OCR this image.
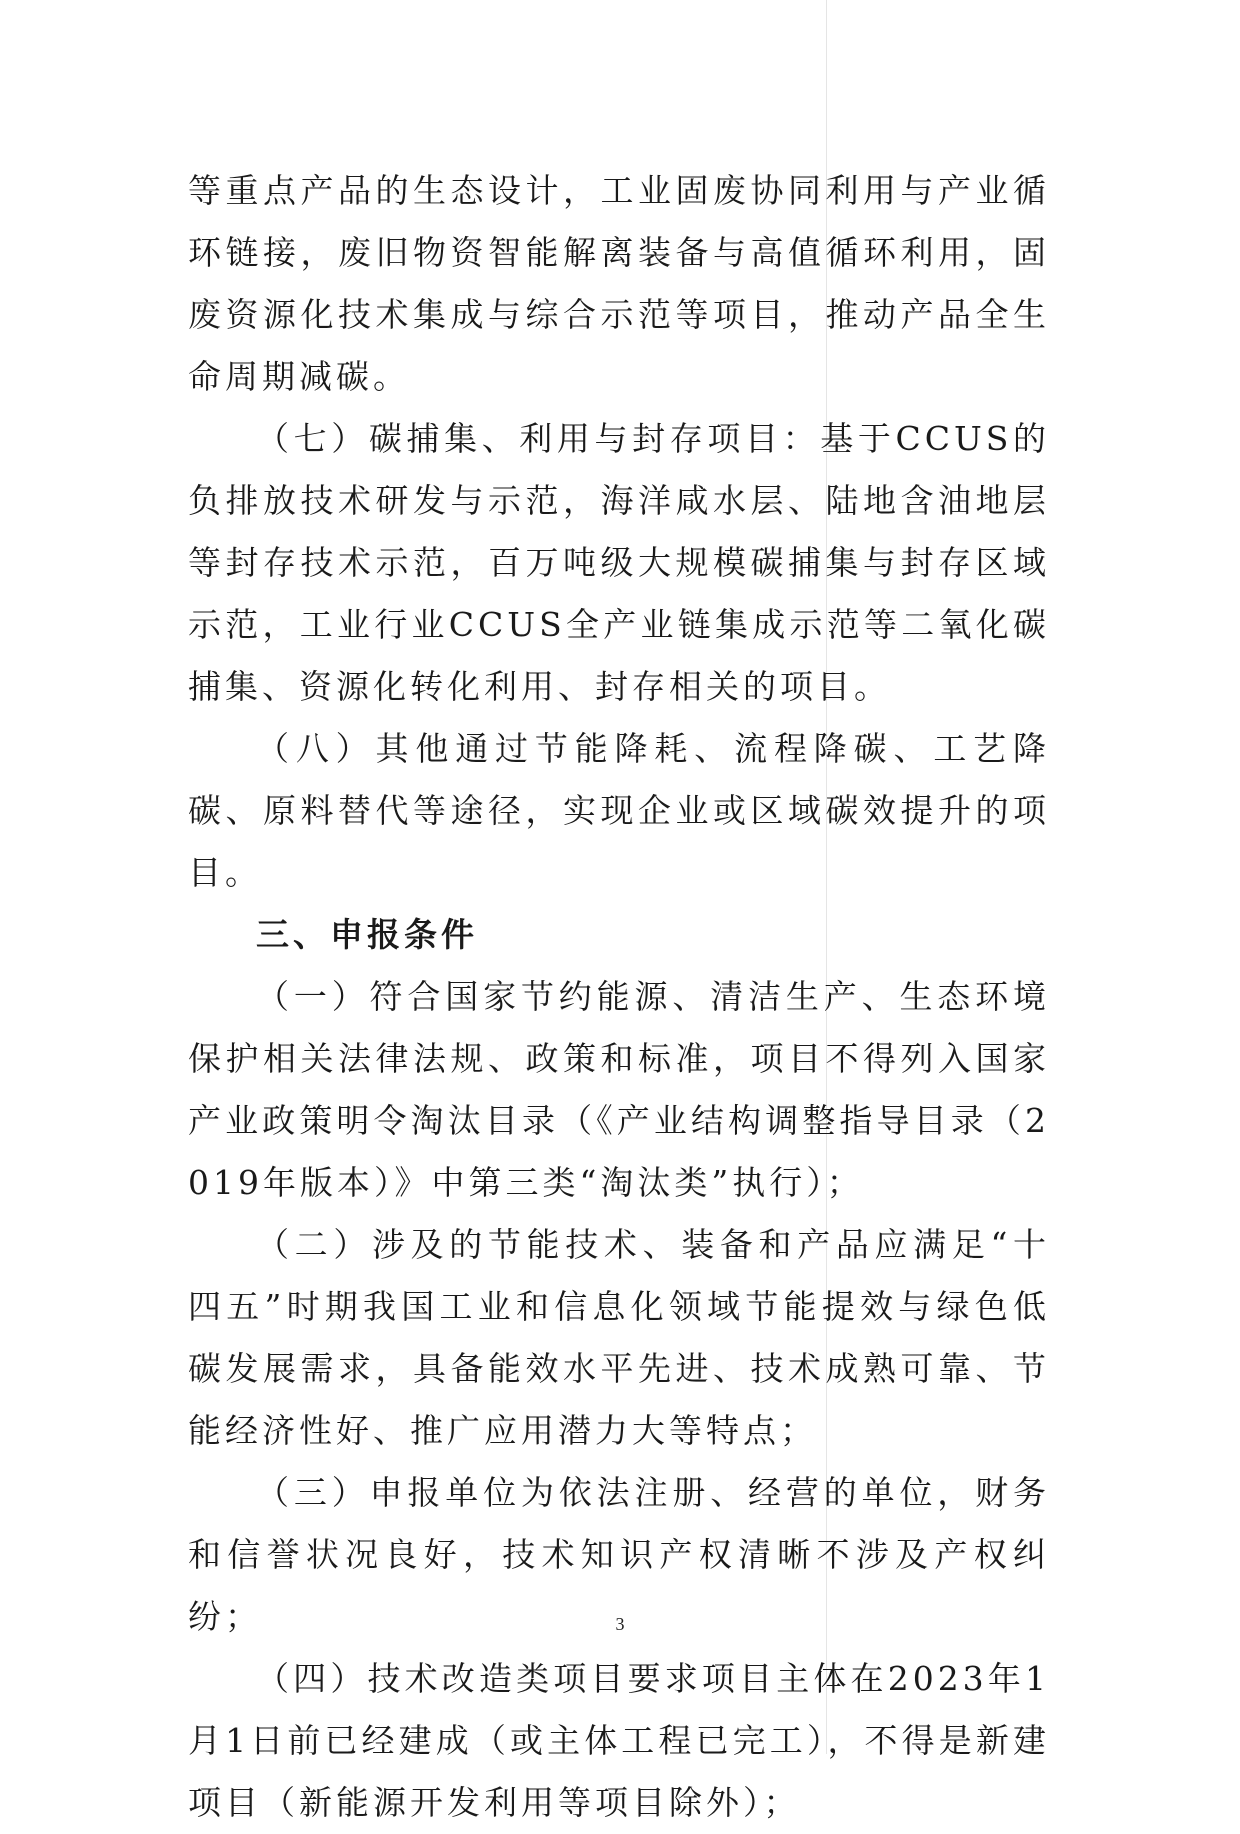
等重点产品的生态设计，工业固废协同利用与产业循环链接，废旧物资智能解离装备与高值循环利用，固废资源化技术集成与综合示范等项目，推动产品全生命周期减碳。

（七）碳捕集、利用与封存项目：基于CCUS的负排放技术研发与示范，海洋咸水层、陆地含油地层等封存技术示范，百万吨级大规模碳捕集与封存区域示范，工业行业CCUS全产业链集成示范等二氧化碳捕集、资源化转化利用、封存相关的项目。

（八）其他通过节能降耗、流程降碳、工艺降碳、原料替代等途径，实现企业或区域碳效提升的项目。

三、申报条件

（一）符合国家节约能源、清洁生产、生态环境保护相关法律法规、政策和标准，项目不得列入国家产业政策明令淘汰目录（《产业结构调整指导目录（2019年版本）》中第三类“淘汰类”执行）；

（二）涉及的节能技术、装备和产品应满足“十四五”时期我国工业和信息化领域节能提效与绿色低碳发展需求，具备能效水平先进、技术成熟可靠、节能经济性好、推广应用潜力大等特点；

（三）申报单位为依法注册、经营的单位，财务和信誉状况良好，技术知识产权清晰不涉及产权纠纷；

（四）技术改造类项目要求项目主体在2023年1月1日前已经建成（或主体工程已完工），不得是新建项目（新能源开发利用等项目除外）；

3
